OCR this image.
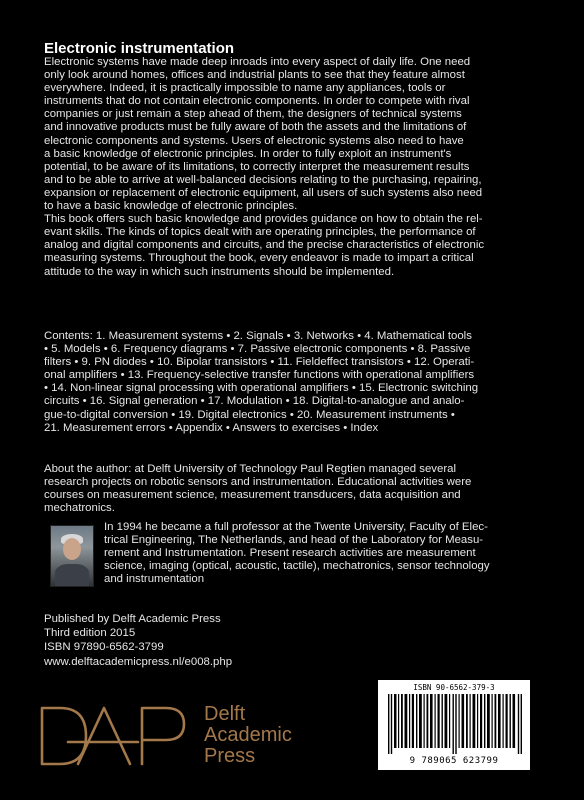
Electronic instrumentation

Electronic systems have made deep inroads into every aspect of daily life. One need
only look around homes, offices and industrial plants to see that they feature almost
everywhere. Indeed, it is practically impossible to name any appliances, tools or
instruments that do not contain electronic components. In order to compete with rival
companies or just remain a step ahead of them, the designers of technical systems
and innovative products must be fully aware of both the assets and the limitations of
electronic components and systems. Users of electronic systems also need to have
a basic knowledge of electronic principles. In order to fully exploit an instrument's
potential, to be aware of its limitations, to correctly interpret the measurement results
and to be able to arrive at well-balanced decisions relating to the purchasing, repairing,
expansion or replacement of electronic equipment, all users of such systems also need
to have a basic knowledge of electronic principles.
This book offers such basic knowledge and provides guidance on how to obtain the rel-
evant skills. The kinds of topics dealt with are operating principles, the performance of
analog and digital components and circuits, and the precise characteristics of electronic
measuring systems. Throughout the book, every endeavor is made to impart a critical
attitude to the way in which such instruments should be implemented.

Contents: 1. Measurement systems • 2. Signals • 3. Networks • 4. Mathematical tools
• 5. Models • 6. Frequency diagrams • 7. Passive electronic components • 8. Passive
filters • 9. PN diodes • 10. Bipolar transistors • 11. Fieldeffect transistors • 12. Operati-
onal amplifiers • 13. Frequency-selective transfer functions with operational amplifiers
• 14. Non-linear signal processing with operational amplifiers • 15. Electronic switching
circuits • 16. Signal generation • 17. Modulation • 18. Digital-to-analogue and analo-
gue-to-digital conversion • 19. Digital electronics • 20. Measurement instruments •
21. Measurement errors • Appendix • Answers to exercises • Index

About the author: at Delft University of Technology Paul Regtien managed several
research projects on robotic sensors and instrumentation. Educational activities were
courses on measurement science, measurement transducers, data acquisition and
mechatronics.

In 1994 he became a full professor at the Twente University, Faculty of Elec-
trical Engineering, The Netherlands, and head of the Laboratory for Measu-
rement and Instrumentation. Present research activities are measurement
science, imaging (optical, acoustic, tactile), mechatronics, sensor technology
and instrumentation

Published by Delft Academic Press
Third edition 2015
ISBN 97890-6562-3799
www.delftacademicpress.nl/e008.php
Delft
Academic
Press
ISBN 90-6562-379-3
9 789065 623799
